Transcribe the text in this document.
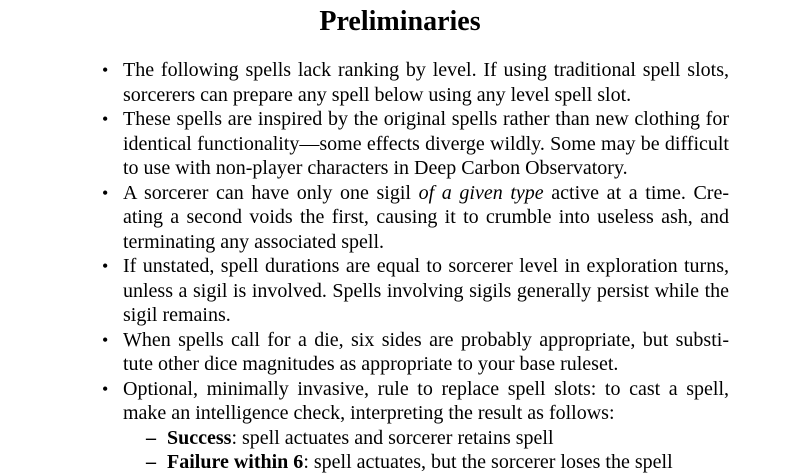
Preliminaries
• The following spells lack ranking by level. If using traditional spell slots, sorcerers can prepare any spell below using any level spell slot.
• These spells are inspired by the original spells rather than new clothing for identical functionality—some effects diverge wildly. Some may be difficult to use with non-player characters in Deep Carbon Observatory.
• A sorcerer can have only one sigil of a given type active at a time. Cre-ating a second voids the first, causing it to crumble into useless ash, and terminating any associated spell.
• If unstated, spell durations are equal to sorcerer level in exploration turns, unless a sigil is involved. Spells involving sigils generally persist while the sigil remains.
• When spells call for a die, six sides are probably appropriate, but substi-tute other dice magnitudes as appropriate to your base ruleset.
• Optional, minimally invasive, rule to replace spell slots: to cast a spell, make an intelligence check, interpreting the result as follows:
– Success: spell actuates and sorcerer retains spell
– Failure within 6: spell actuates, but the sorcerer loses the spell
